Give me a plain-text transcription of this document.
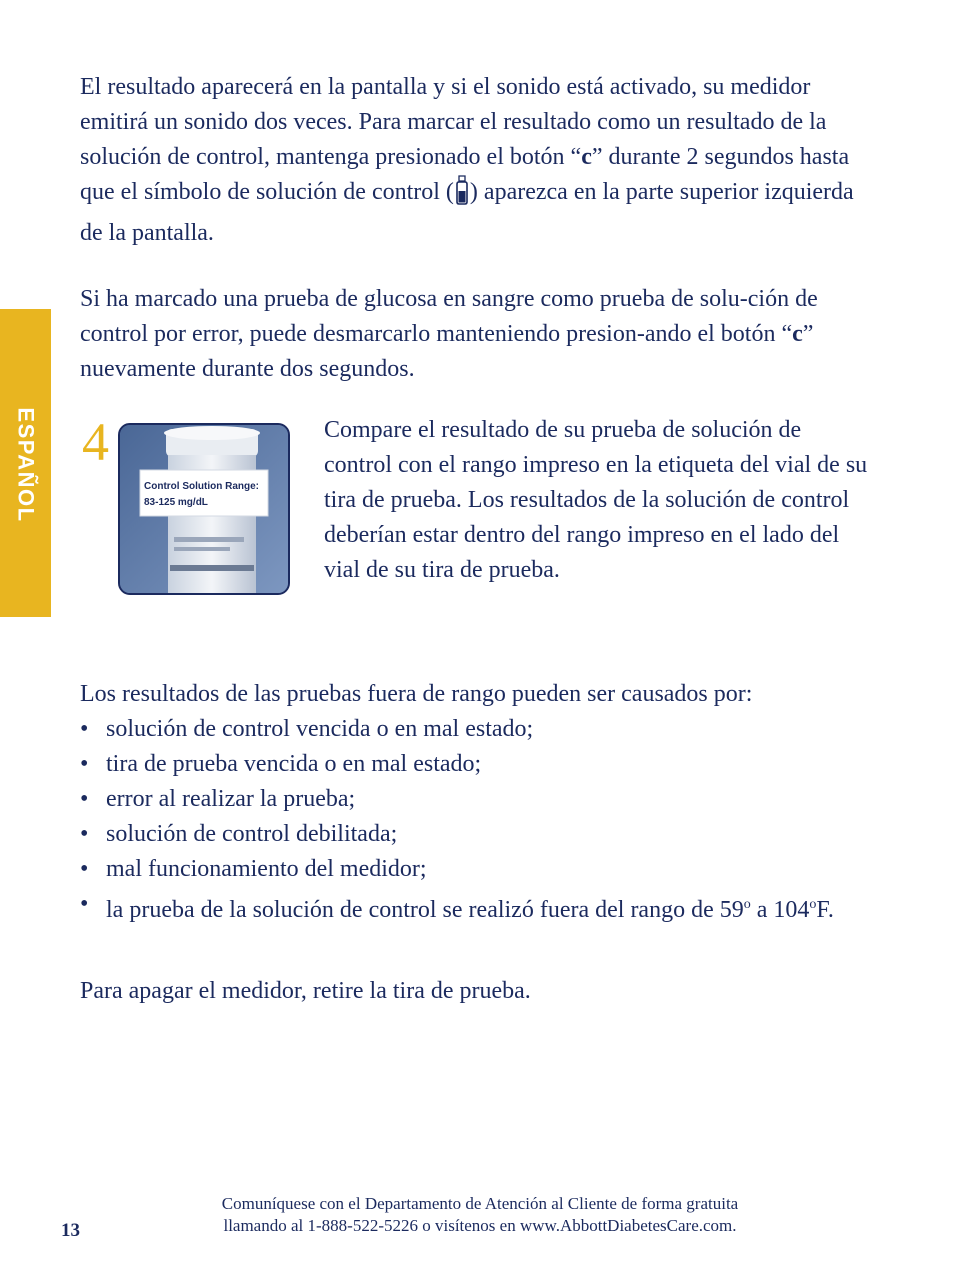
ESPAÑOL

El resultado aparecerá en la pantalla y si el sonido está activado, su medidor emitirá un sonido dos veces. Para marcar el resultado como un resultado de la solución de control, mantenga presionado el botón “c” durante 2 segundos hasta que el símbolo de solución de control ( ) aparezca en la parte superior izquierda de la pantalla.

Si ha marcado una prueba de glucosa en sangre como prueba de solu-ción de control por error, puede desmarcarlo manteniendo presion-ando el botón “c” nuevamente durante dos segundos.

4
Control Solution Range:
83-125 mg/dL

Compare el resultado de su prueba de solución de control con el rango impreso en la etiqueta del vial de su tira de prueba. Los resultados de la solución de control deberían estar dentro del rango impreso en el lado del vial de su tira de prueba.

Los resultados de las pruebas fuera de rango pueden ser causados por:

• solución de control vencida o en mal estado;
• tira de prueba vencida o en mal estado;
• error al realizar la prueba;
• solución de control debilitada;
• mal funcionamiento del medidor;
• la prueba de la solución de control se realizó fuera del rango de 59$^o$ a 104$^o$F.

Para apagar el medidor, retire la tira de prueba.

Comuníquese con el Departamento de Atención al Cliente de forma gratuita
llamando al 1-888-522-5226 o visítenos en www.AbbottDiabetesCare.com.

13
